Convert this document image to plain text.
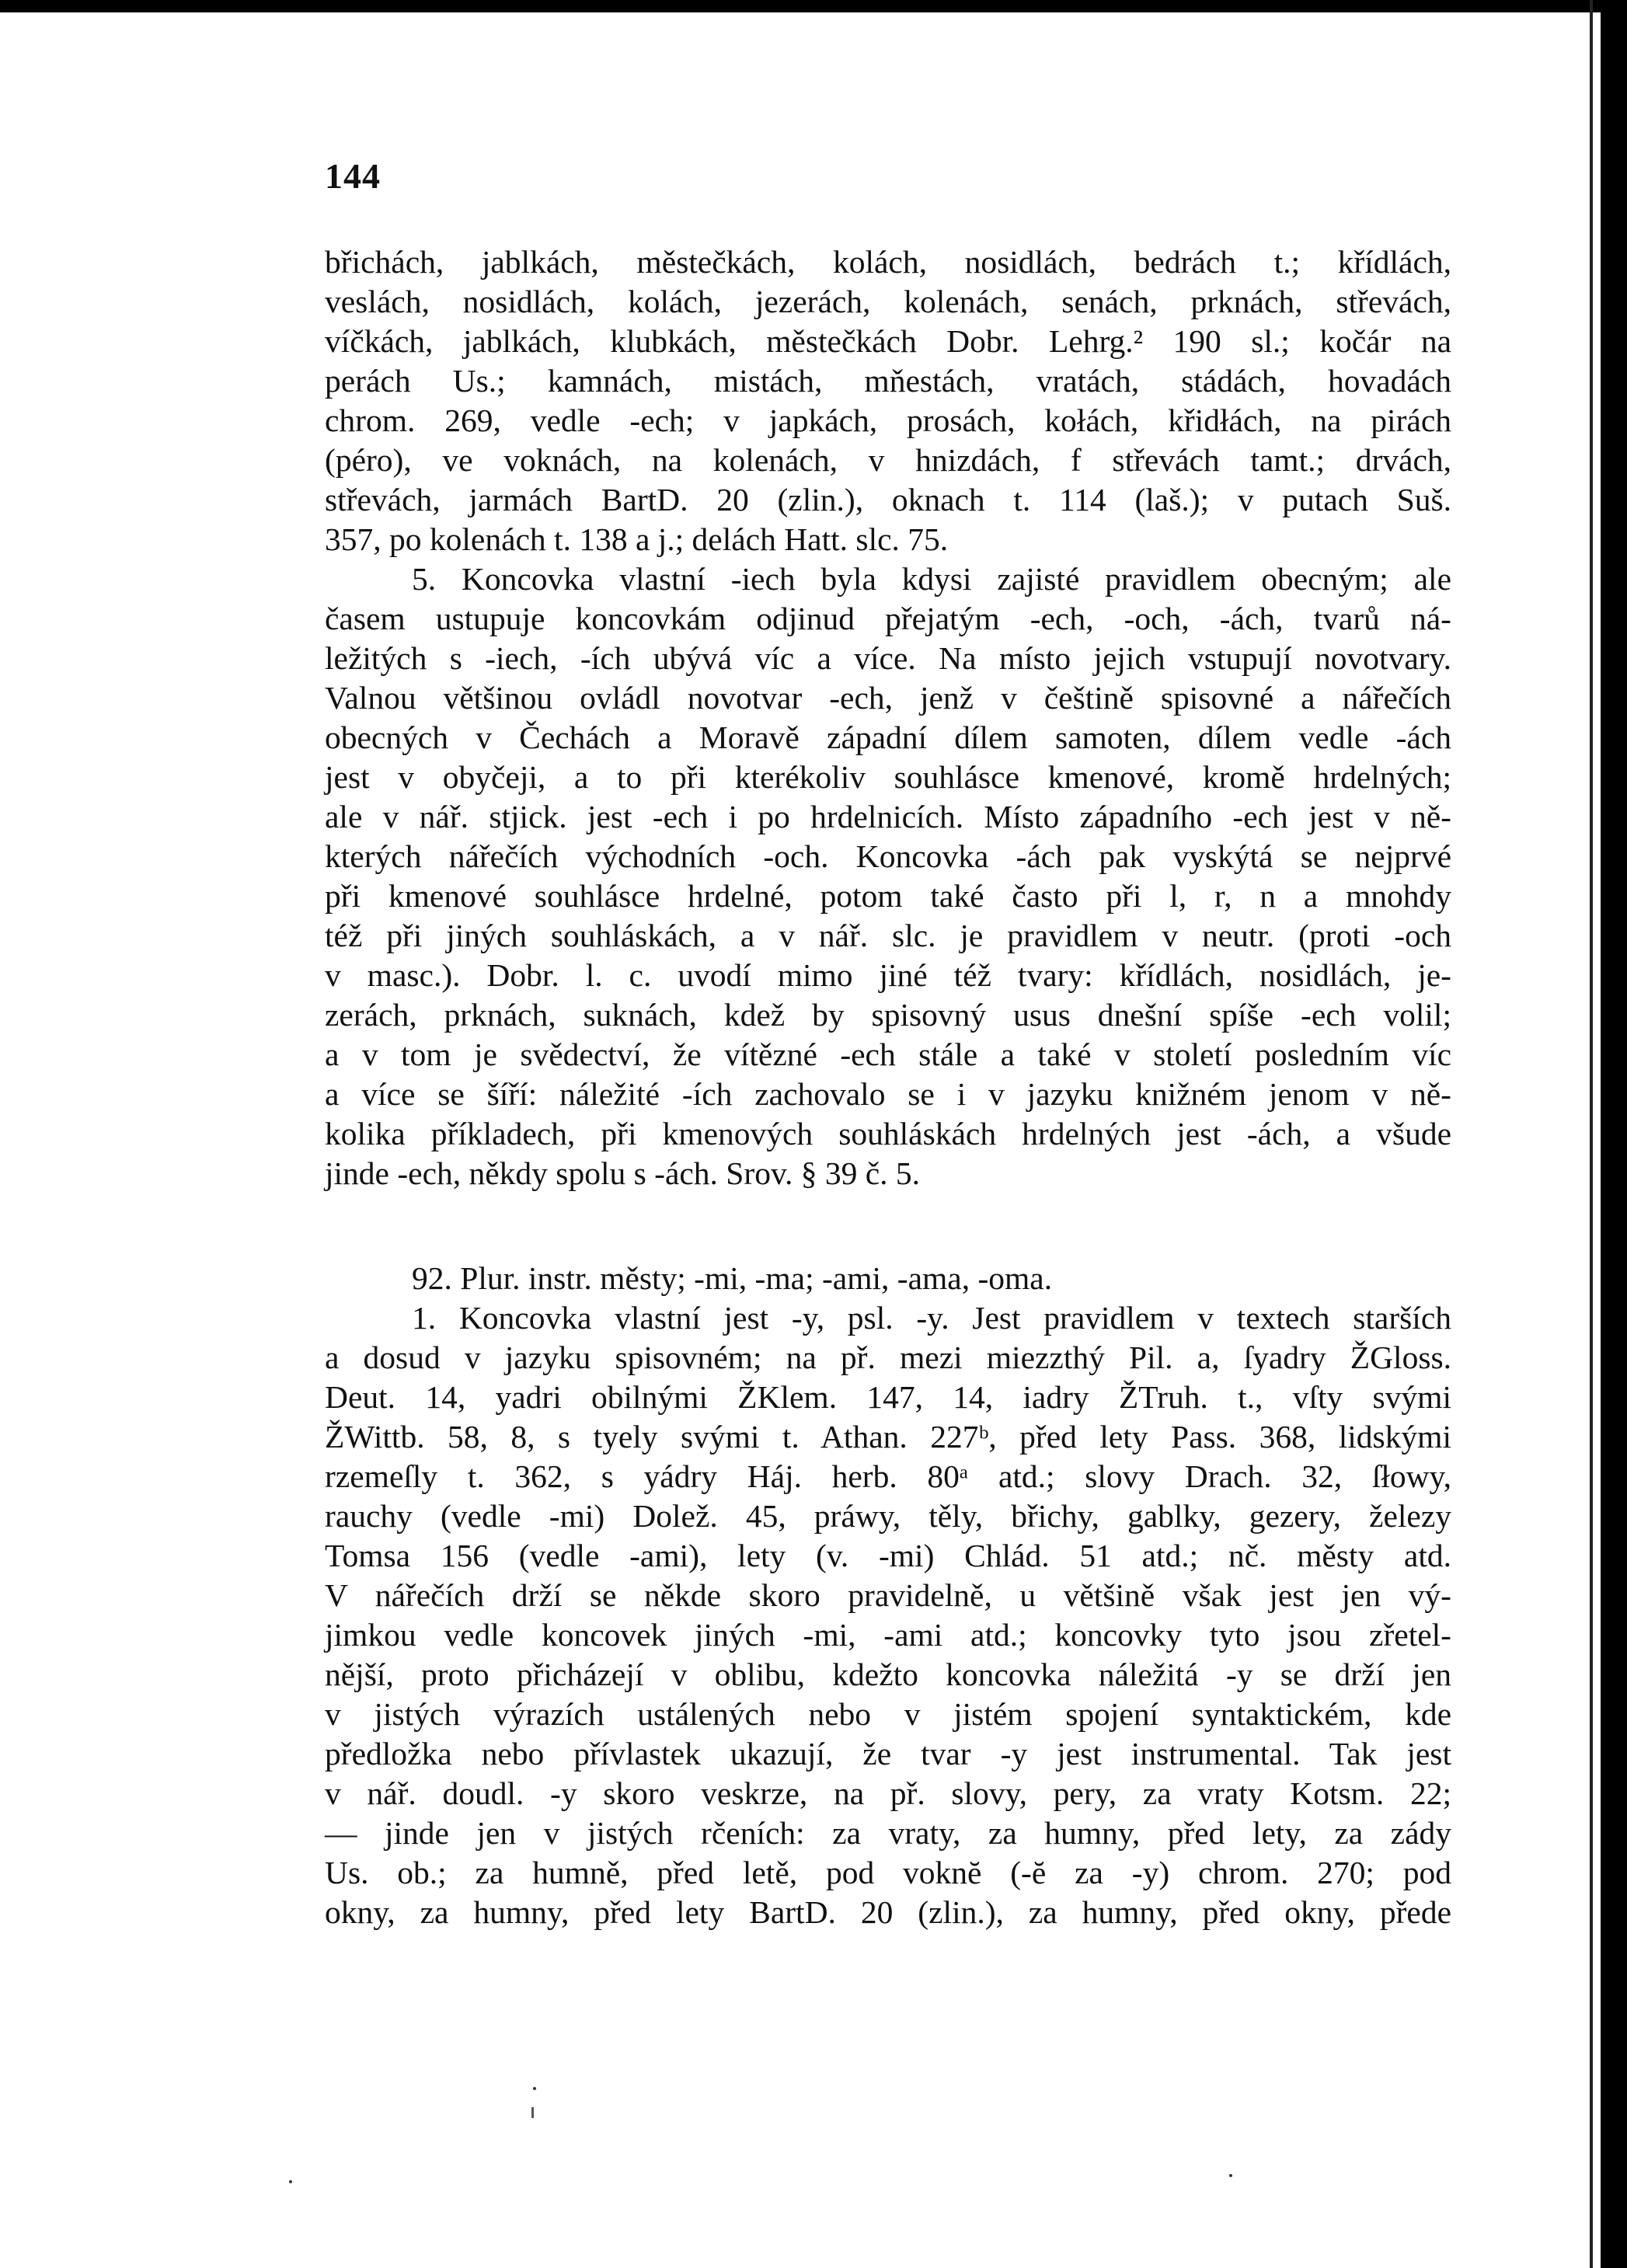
144
břichách, jablkách, městečkách, kolách, nosidlách, bedrách t.; křídlách,
veslách, nosidlách, kolách, jezerách, kolenách, senách, prknách, střevách,
víčkách, jablkách, klubkách, městečkách Dobr. Lehrg.² 190 sl.; kočár na
perách Us.; kamnách, mistách, mňestách, vratách, stádách, hovadách
chrom. 269, vedle -ech; v japkách, prosách, kołách, křidłách, na pirách
(péro), ve voknách, na kolenách, v hnizdách, f střevách tamt.; drvách,
střevách, jarmách BartD. 20 (zlin.), oknach t. 114 (laš.); v putach Suš.
357, po kolenách t. 138 a j.; delách Hatt. slc. 75.
5. Koncovka vlastní -iech byla kdysi zajisté pravidlem obecným; ale
časem ustupuje koncovkám odjinud přejatým -ech, -och, -ách, tvarů ná-
ležitých s -iech, -ích ubývá víc a více. Na místo jejich vstupují novotvary.
Valnou většinou ovládl novotvar -ech, jenž v češtině spisovné a nářečích
obecných v Čechách a Moravě západní dílem samoten, dílem vedle -ách
jest v obyčeji, a to při kterékoliv souhlásce kmenové, kromě hrdelných;
ale v nář. stjick. jest -ech i po hrdelnicích. Místo západního -ech jest v ně-
kterých nářečích východních -och. Koncovka -ách pak vyskýtá se nejprvé
při kmenové souhlásce hrdelné, potom také často při l, r, n a mnohdy
též při jiných souhláskách, a v nář. slc. je pravidlem v neutr. (proti -och
v masc.). Dobr. l. c. uvodí mimo jiné též tvary: křídlách, nosidlách, je-
zerách, prknách, suknách, kdež by spisovný usus dnešní spíše -ech volil;
a v tom je svědectví, že vítězné -ech stále a také v století posledním víc
a více se šíří: náležité -ích zachovalo se i v jazyku knižném jenom v ně-
kolika příkladech, při kmenových souhláskách hrdelných jest -ách, a všude
jinde -ech, někdy spolu s -ách. Srov. § 39 č. 5.
92. Plur. instr. městy; -mi, -ma; -ami, -ama, -oma.
1. Koncovka vlastní jest -y, psl. -y. Jest pravidlem v textech starších
a dosud v jazyku spisovném; na př. mezi miezzthý Pil. a, ſyadry ŽGloss.
Deut. 14, yadri obilnými ŽKlem. 147, 14, iadry ŽTruh. t., vſty svými
ŽWittb. 58, 8, s tyely svými t. Athan. 227ᵇ, před lety Pass. 368, lidskými
rzemeſly t. 362, s yádry Háj. herb. 80ᵃ atd.; slovy Drach. 32, ſłowy,
rauchy (vedle -mi) Dolež. 45, práwy, těly, břichy, gablky, gezery, železy
Tomsa 156 (vedle -ami), lety (v. -mi) Chlád. 51 atd.; nč. městy atd.
V nářečích drží se někde skoro pravidelně, u většině však jest jen vý-
jimkou vedle koncovek jiných -mi, -ami atd.; koncovky tyto jsou zřetel-
nější, proto přicházejí v oblibu, kdežto koncovka náležitá -y se drží jen
v jistých výrazích ustálených nebo v jistém spojení syntaktickém, kde
předložka nebo přívlastek ukazují, že tvar -y jest instrumental. Tak jest
v nář. doudl. -y skoro veskrze, na př. slovy, pery, za vraty Kotsm. 22;
— jinde jen v jistých rčeních: za vraty, za humny, před lety, za zády
Us. ob.; za humně, před letě, pod voknĕ (-ĕ za -y) chrom. 270; pod
okny, za humny, před lety BartD. 20 (zlin.), za humny, před okny, přede
